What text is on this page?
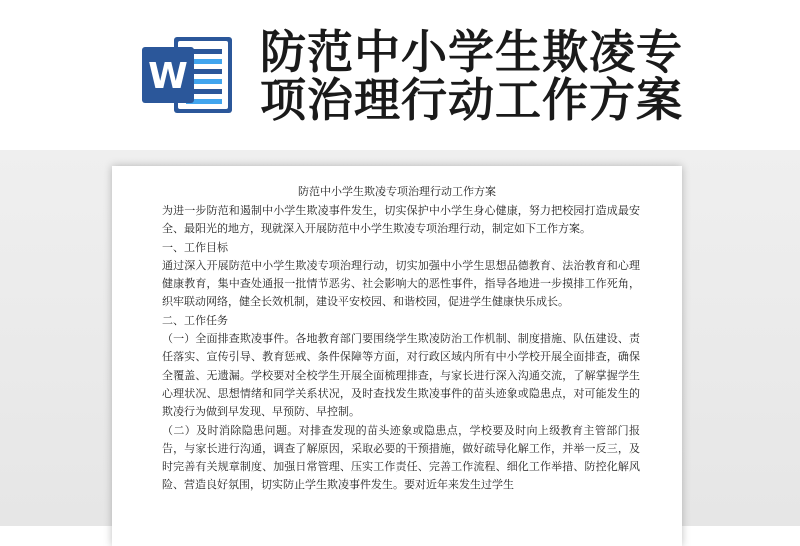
W 防范中小学生欺凌专
项治理行动工作方案
防范中小学生欺凌专项治理行动工作方案

为进一步防范和遏制中小学生欺凌事件发生，切实保护中小学生身心健康，努力把校园打造成最安全、最阳光的地方，现就深入开展防范中小学生欺凌专项治理行动，制定如下工作方案。

一、工作目标

通过深入开展防范中小学生欺凌专项治理行动，切实加强中小学生思想品德教育、法治教育和心理健康教育，集中查处通报一批情节恶劣、社会影响大的恶性事件，指导各地进一步摸排工作死角，织牢联动网络，健全长效机制，建设平安校园、和谐校园，促进学生健康快乐成长。

二、工作任务

（一）全面排查欺凌事件。各地教育部门要围绕学生欺凌防治工作机制、制度措施、队伍建设、责任落实、宣传引导、教育惩戒、条件保障等方面，对行政区域内所有中小学校开展全面排查，确保全覆盖、无遗漏。学校要对全校学生开展全面梳理排查，与家长进行深入沟通交流，了解掌握学生心理状况、思想情绪和同学关系状况，及时查找发生欺凌事件的苗头迹象或隐患点，对可能发生的欺凌行为做到早发现、早预防、早控制。

（二）及时消除隐患问题。对排查发现的苗头迹象或隐患点，学校要及时向上级教育主管部门报告，与家长进行沟通，调查了解原因，采取必要的干预措施，做好疏导化解工作，并举一反三，及时完善有关规章制度、加强日常管理、压实工作责任、完善工作流程、细化工作举措、防控化解风险、营造良好氛围，切实防止学生欺凌事件发生。要对近年来发生过学生
